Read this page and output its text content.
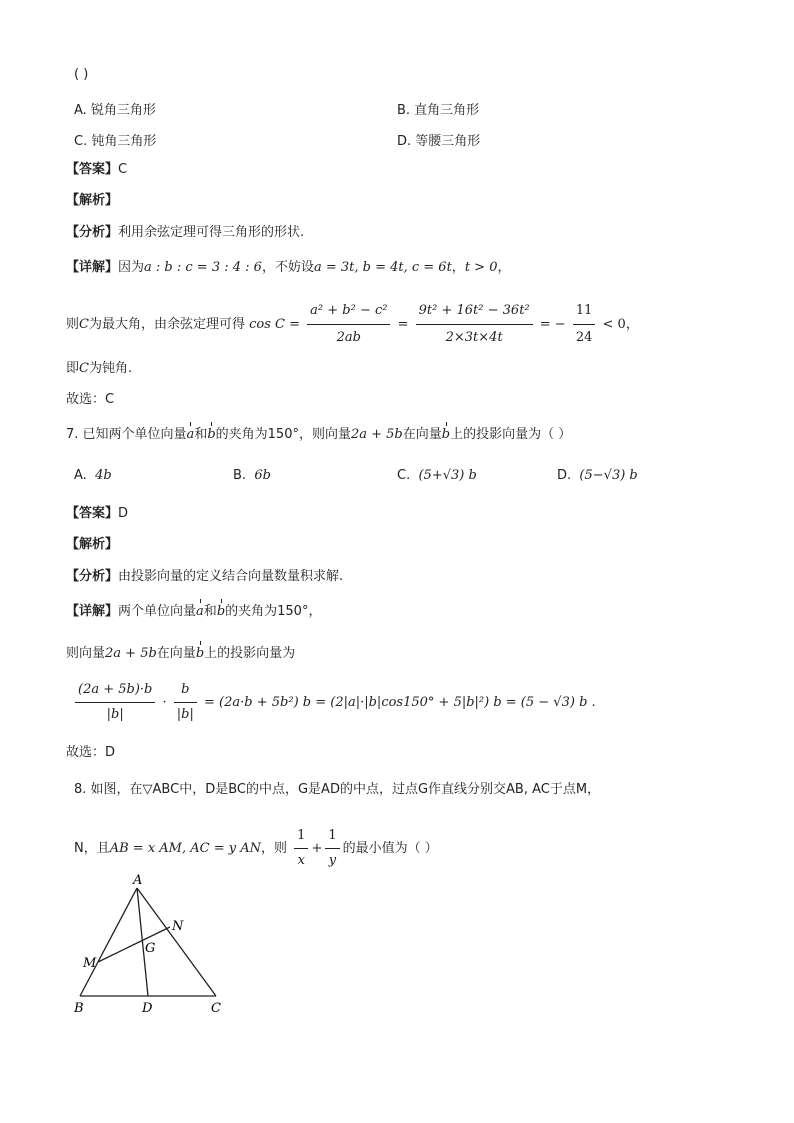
( )
A. 锐角三角形	B. 直角三角形
C. 钝角三角形	D. 等腰三角形
【答案】C
【解析】
【分析】利用余弦定理可得三角形的形状.
【详解】因为a : b : c = 3 : 4 : 6，不妨设a = 3t, b = 4t, c = 6t，t > 0，
则C为最大角，由余弦定理可得 $\cos C = \frac{\text{a² + b² − c²}}{2ab} = \frac{\text{9t² + 16t² − 36t²}}{2\times 3t\times 4t}$ = − $\frac{11}{24} < 0$，
即C为钝角.
故选：C
7. 已知两个单位向量a和b的夹角为150°，则向量2a + 5b在向量b上的投影向量为（ ）
A. 4b	B. 6b	C. (5+√3) b	D. (5−√3) b
【答案】D
【解析】
【分析】由投影向量的定义结合向量数量积求解.
【详解】两个单位向量a和b的夹角为150°，
则向量2a + 5b在向量b上的投影向量为
$\frac{(2a + 5b)\cdot b}{|b|} \cdot \frac{b}{|b|} = (2a\cdot b + 5b^2) b = (2|a|\cdot|b|\cos 150^\circ + 5|b|^2) b = (5 - √3)$ b .
故选：D
8. 如图，在▽ABC中，D是BC的中点，G是AD的中点，过点G作直线分别交AB, AC于点M，
N，且AB = x AM, AC = y AN，则 $\frac{1}{x} + \frac{1}{y}$ 的最小值为（ ）
A
B	D	C
G
M
N
